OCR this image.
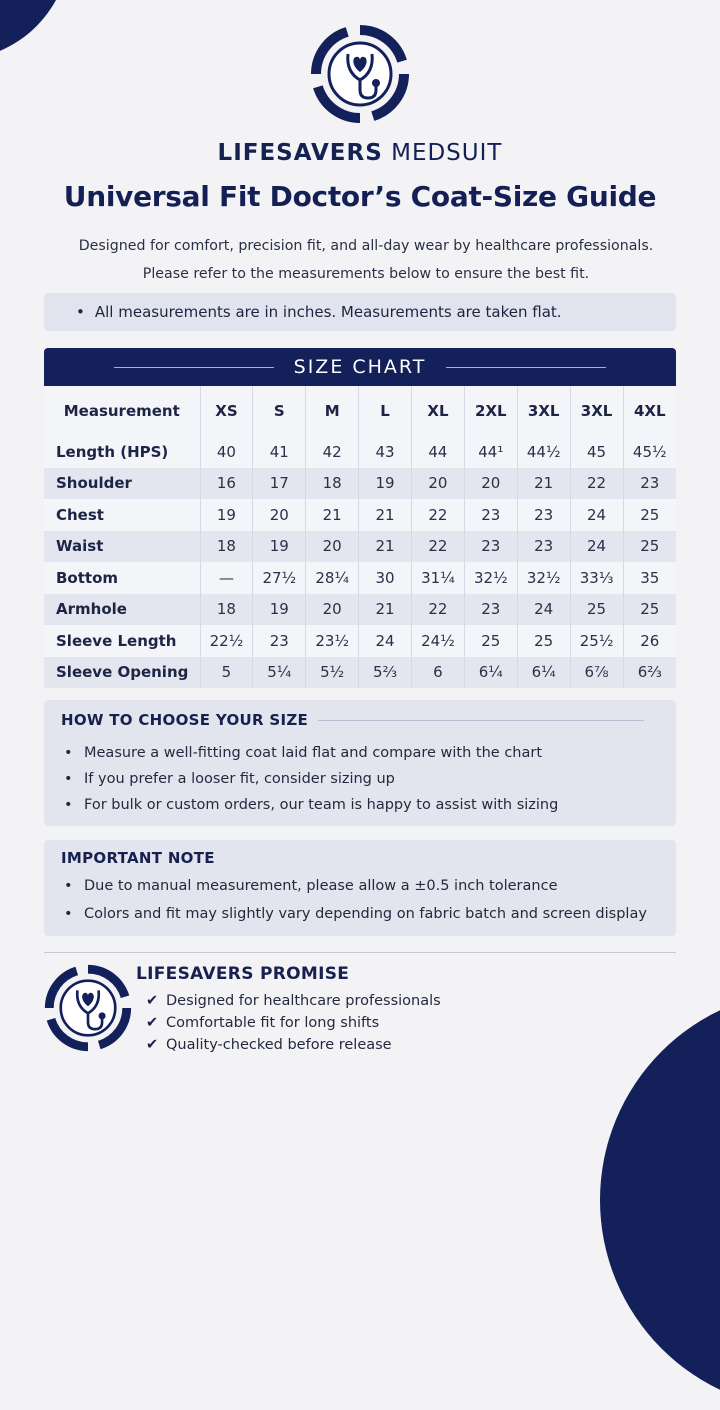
LIFESAVERS MEDSUIT
Universal Fit Doctor’s Coat-Size Guide
Designed for comfort, precision fit, and all-day wear by healthcare professionals.
Please refer to the measurements below to ensure the best fit.
• All measurements are in inches. Measurements are taken flat.
SIZE CHART
Measurement	XS	S	M	L	XL	2XL	3XL	3XL	4XL
Length (HPS)	40	41	42	43	44	44¹	44½	45	45½
Shoulder	16	17	18	19	20	20	21	22	23
Chest	19	20	21	21	22	23	23	24	25
Waist	18	19	20	21	22	23	23	24	25
Bottom	—	27½	28¼	30	31¼	32½	32½	33⅓	35
Armhole	18	19	20	21	22	23	24	25	25
Sleeve Length	22½	23	23½	24	24½	25	25	25½	26
Sleeve Opening	5	5¼	5½	5⅔	6	6¼	6¼	6⅞	6⅔
HOW TO CHOOSE YOUR SIZE
• Measure a well-fitting coat laid flat and compare with the chart
• If you prefer a looser fit, consider sizing up
• For bulk or custom orders, our team is happy to assist with sizing
IMPORTANT NOTE
• Due to manual measurement, please allow a ±0.5 inch tolerance
• Colors and fit may slightly vary depending on fabric batch and screen display
LIFESAVERS PROMISE
✔ Designed for healthcare professionals
✔ Comfortable fit for long shifts
✔ Quality-checked before release
